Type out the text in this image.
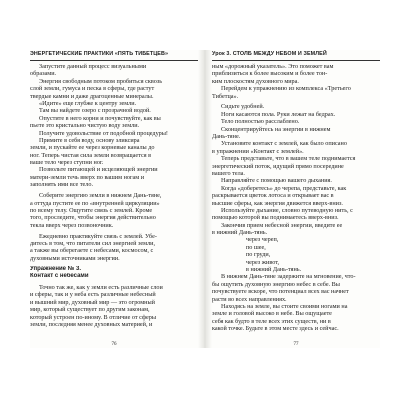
ЭНЕРГЕТИЧЕСКИЕ ПРАКТИКИ «ПЯТЬ ТИБЕТЦЕВ»
Запустите данный процесс визуальными
образами.
Энергия свободным потоком пробиться сквозь
слой земли, гумуса и песка в сферы, где растут
твердые камни и даже драгоценные минералы.
«Идите» еще глубже к центру земли.
Там вы найдете озеро с прозрачной водой.
Опустите в него корни и почувствуйте, как вы
пьете это кристально чистую воду земли.
Получите удовольствие от подобной процедуры!
Примите в себя воду, основу эликсира
земли, и пускайте ее через корневые каналы до
ног. Теперь чистая сила земли возвращается в
ваше тело через ступни ног.
Позвольте питающей и исцеляющей энергии
матери-земли течь вверх по вашим ногам и
заполнять ими все тело.
Соберите энергию земли в нижнем Дань-тяне,
а оттуда пустите ее по «внутренней циркуляции»
по всему телу. Ощутите связь с землей. Кроме
того, проследите, чтобы энергия действительно
текла вверх через позвоночник.
Ежедневно практикуйте связь с землей. Убе-
дитесь в том, что питатели сил энергией земли,
а также вы оберегаете с небесами, космосом, с
духовными источниками энергии.
Упражнение № 3.
Контакт с небесами
Точно так же, как у земли есть различные слои
и сферы, так и у неба есть различные небесный
и вышний мир, духовный мир — это огромный
мир, который существует по другим законам,
который устроен по-иному. В отличие от сферы
земли, последняя менее духовных материей, и
76
Урок 3. СТОЛБ МЕЖДУ НЕБОМ И ЗЕМЛЕЙ
ным «дорожный указатель». Это поможет вам
приблизиться к более высоким и более тон-
ким плоскостям духовного мира.
Перейдем к упражнению из комплекса «Третьего
Тибетца».
Сидьте удобней.
Ноги касаются пола. Руки лежат на бедрах.
Тело полностью расслаблено.
Сконцентрируйтесь на энергии в нижнем
Дань-тяне.
Установите контакт с землей, как было описано
в упражнении «Контакт с землей».
Теперь представьте, что в вашем теле поднимается
энергетический поток, идущий прямо посередине
вашего тела.
Направляйте с помощью вашего дыхания.
Когда «доберетесь» до черепа, представьте, как
раскрывается цветок лотоса и открывает вас в
высшие сферы, как энергия движется вверх-вниз.
Используйте дыхание, словно путеводную нить, с
помощью которой вы поднимаетесь вверх-вниз.
Закончив прием небесной энергии, введите ее
в нижний Дань-тянь.
через череп,
по шее,
по груди,
через живот,
в нижний Дань-тянь.
В нижнем Дань-тяне задержите на мгновение, что-
бы ощутить духовную энергию небес в себе. Вы
почувствуете вскоре, что потенциал всех вас начнет
расти во всех направлениях.
Находясь на земле, вы стоите своими ногами на
земле и головой высоко в небе. Вы ощущаете
себя как будто в теле всех этих существ, ни в
какой точке. Будьте в этом месте здесь и сейчас.
77
